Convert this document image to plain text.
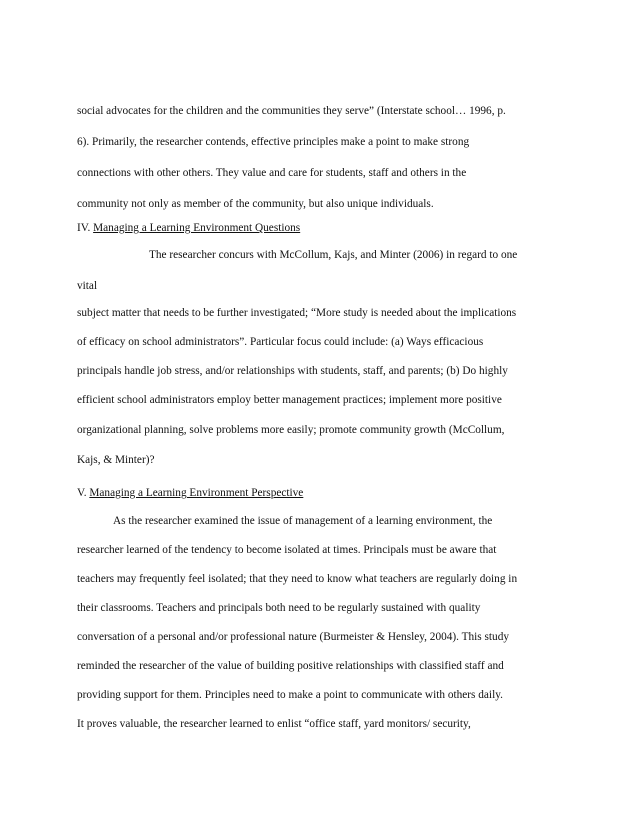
social advocates for the children and the communities they serve” (Interstate school… 1996, p.
6). Primarily, the researcher contends, effective principles make a point to make strong
connections with other others. They value and care for students, staff and others in the
community not only as member of the community, but also unique individuals.
IV. Managing a Learning Environment Questions
The researcher concurs with McCollum, Kajs, and Minter (2006) in regard to one
vital
subject matter that needs to be further investigated; “More study is needed about the implications
of efficacy on school administrators”. Particular focus could include: (a) Ways efficacious
principals handle job stress, and/or relationships with students, staff, and parents; (b) Do highly
efficient school administrators employ better management practices; implement more positive
organizational planning, solve problems more easily; promote community growth (McCollum,
Kajs, & Minter)?
V. Managing a Learning Environment Perspective
As the researcher examined the issue of management of a learning environment, the
researcher learned of the tendency to become isolated at times. Principals must be aware that
teachers may frequently feel isolated; that they need to know what teachers are regularly doing in
their classrooms. Teachers and principals both need to be regularly sustained with quality
conversation of a personal and/or professional nature (Burmeister & Hensley, 2004). This study
reminded the researcher of the value of building positive relationships with classified staff and
providing support for them. Principles need to make a point to communicate with others daily.
It proves valuable, the researcher learned to enlist “office staff, yard monitors/ security,
